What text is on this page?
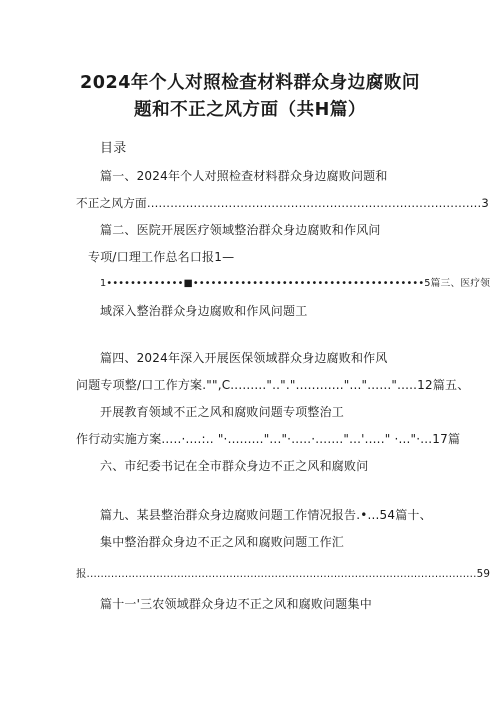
2024年个人对照检查材料群众身边腐败问
题和不正之风方面（共H篇）
目录
篇一、2024年个人对照检查材料群众身边腐败问题和
不正之风方面......................................................................................3
篇二、医院开展医疗领域整治群众身边腐败和作风问
专项/口理工作总名口报1—
1•••••••••••••■•••••••••••••••••••••••••••••••••••••••5篇三、医疗领
域深入整治群众身边腐败和作风问题工
篇四、2024年深入开展医保领域群众身边腐败和作风
问题专项整/口工作方案."",C.........".."."............"..."......".....12篇五、
开展教育领域不正之风和腐败问题专项整治工
作行动实施方案.....·....:.. "·........."..."·.....·......."...'....." ·..."·...17篇
六、市纪委书记在全市群众身边不正之风和腐败问
篇九、某县整治群众身边腐败问题工作情况报告.•...54篇十、
集中整治群众身边不正之风和腐败问题工作汇
报................................................................................................................59
篇十一'三农领域群众身边不正之风和腐败问题集中
